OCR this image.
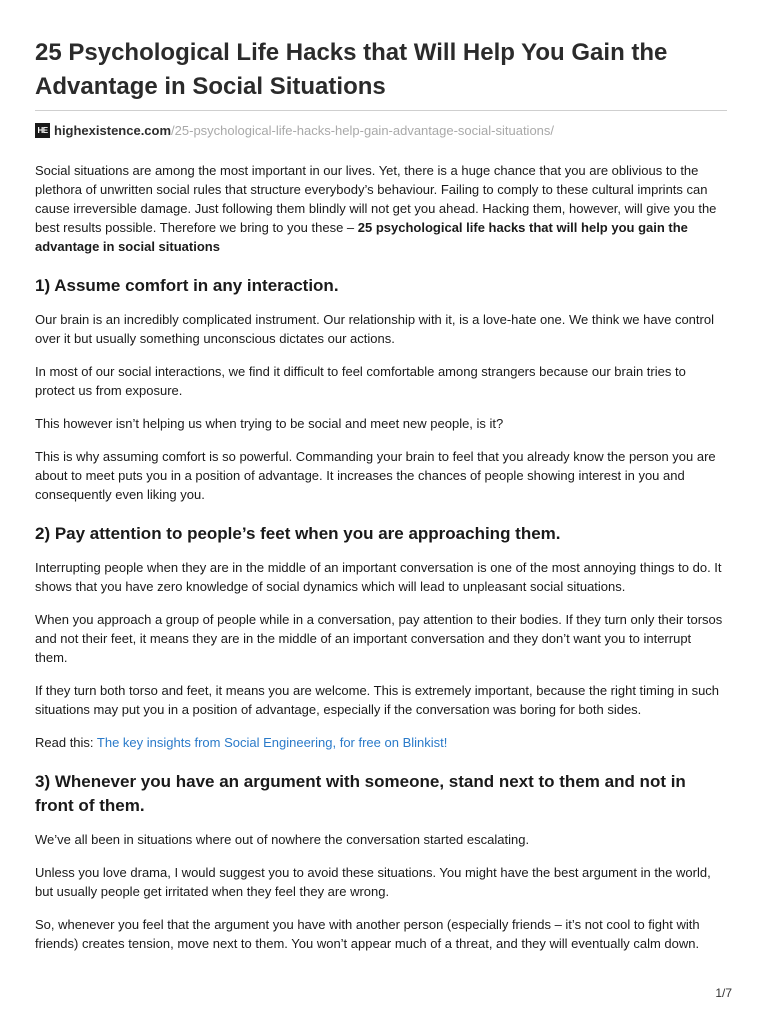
25 Psychological Life Hacks that Will Help You Gain the Advantage in Social Situations
HE highexistence.com /25-psychological-life-hacks-help-gain-advantage-social-situations/

Social situations are among the most important in our lives. Yet, there is a huge chance that you are oblivious to the plethora of unwritten social rules that structure everybody’s behaviour. Failing to comply to these cultural imprints can cause irreversible damage. Just following them blindly will not get you ahead. Hacking them, however, will give you the best results possible. Therefore we bring to you these – 25 psychological life hacks that will help you gain the advantage in social situations

1) Assume comfort in any interaction.

Our brain is an incredibly complicated instrument. Our relationship with it, is a love-hate one. We think we have control over it but usually something unconscious dictates our actions.

In most of our social interactions, we find it difficult to feel comfortable among strangers because our brain tries to protect us from exposure.

This however isn’t helping us when trying to be social and meet new people, is it?

This is why assuming comfort is so powerful. Commanding your brain to feel that you already know the person you are about to meet puts you in a position of advantage. It increases the chances of people showing interest in you and consequently even liking you.

2) Pay attention to people’s feet when you are approaching them.

Interrupting people when they are in the middle of an important conversation is one of the most annoying things to do. It shows that you have zero knowledge of social dynamics which will lead to unpleasant social situations.

When you approach a group of people while in a conversation, pay attention to their bodies. If they turn only their torsos and not their feet, it means they are in the middle of an important conversation and they don’t want you to interrupt them.

If they turn both torso and feet, it means you are welcome. This is extremely important, because the right timing in such situations may put you in a position of advantage, especially if the conversation was boring for both sides.

Read this: The key insights from Social Engineering, for free on Blinkist!

3) Whenever you have an argument with someone, stand next to them and not in front of them.

We’ve all been in situations where out of nowhere the conversation started escalating.

Unless you love drama, I would suggest you to avoid these situations. You might have the best argument in the world, but usually people get irritated when they feel they are wrong.

So, whenever you feel that the argument you have with another person (especially friends – it’s not cool to fight with friends) creates tension, move next to them. You won’t appear much of a threat, and they will eventually calm down.

1/7
